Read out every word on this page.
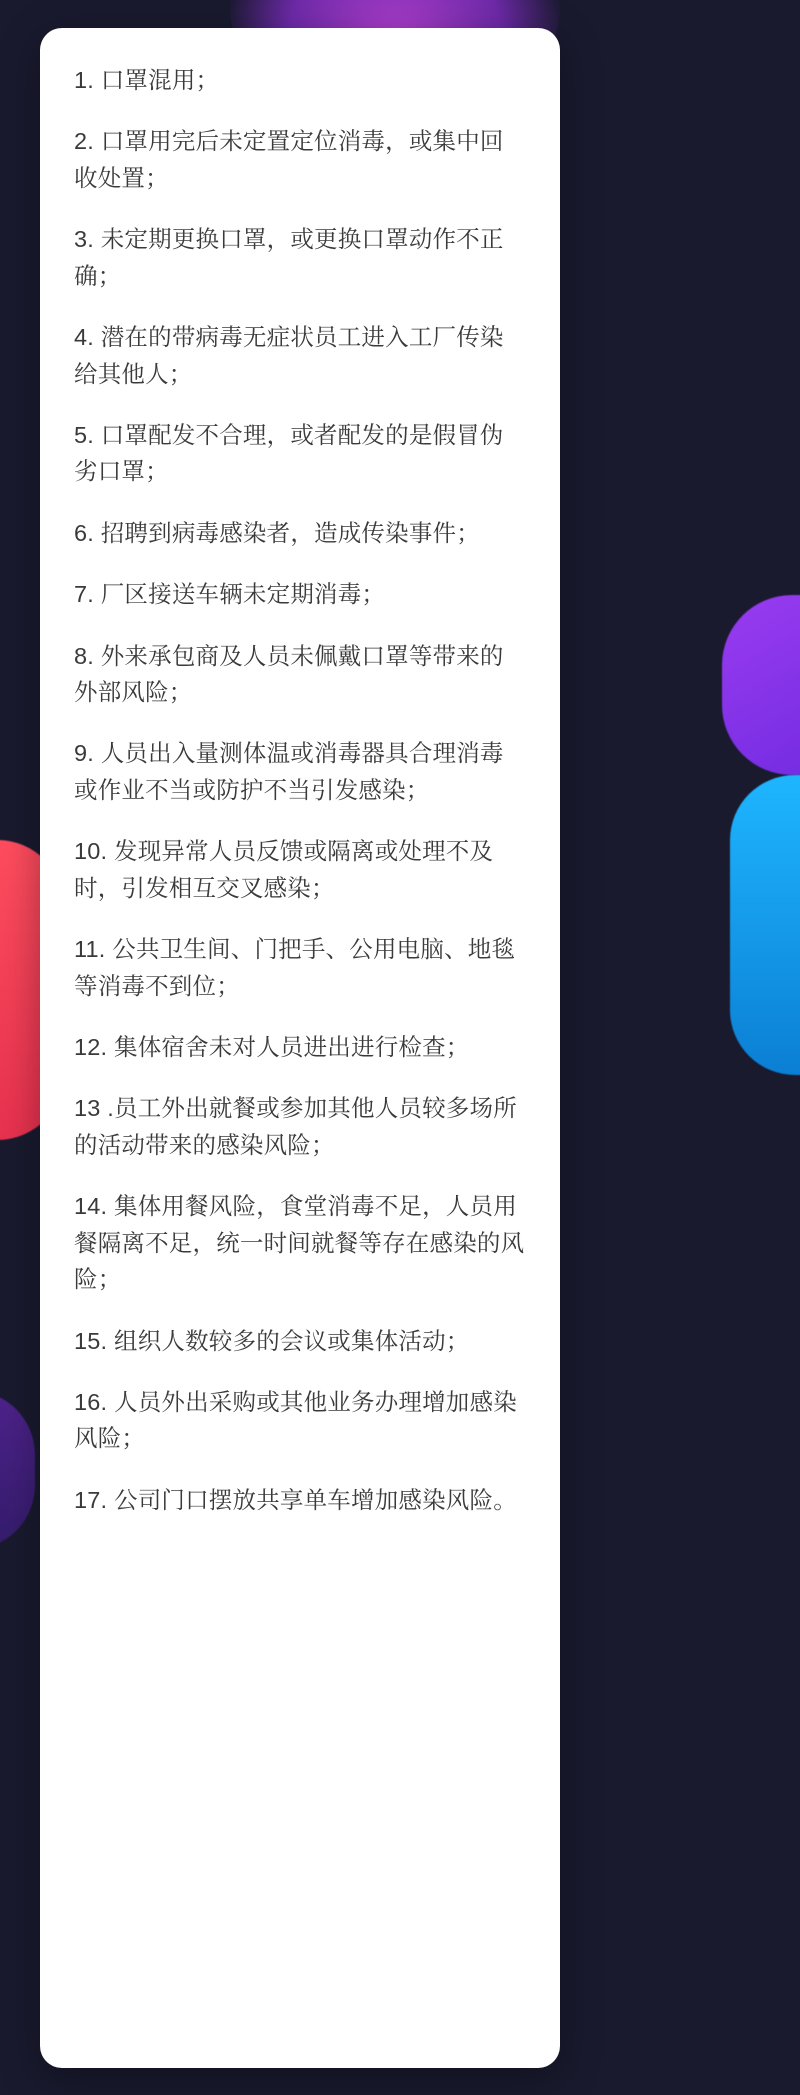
1. 口罩混用；

2. 口罩用完后未定置定位消毒，或集中回收处置；

3. 未定期更换口罩，或更换口罩动作不正确；

4. 潜在的带病毒无症状员工进入工厂传染给其他人；

5. 口罩配发不合理，或者配发的是假冒伪劣口罩；

6. 招聘到病毒感染者，造成传染事件；

7. 厂区接送车辆未定期消毒；

8. 外来承包商及人员未佩戴口罩等带来的外部风险；

9. 人员出入量测体温或消毒器具合理消毒或作业不当或防护不当引发感染；

10. 发现异常人员反馈或隔离或处理不及时，引发相互交叉感染；

11. 公共卫生间、门把手、公用电脑、地毯等消毒不到位；

12. 集体宿舍未对人员进出进行检查；

13 .员工外出就餐或参加其他人员较多场所的活动带来的感染风险；

14. 集体用餐风险，食堂消毒不足，人员用餐隔离不足，统一时间就餐等存在感染的风险；

15. 组织人数较多的会议或集体活动；

16. 人员外出采购或其他业务办理增加感染风险；

17. 公司门口摆放共享单车增加感染风险。
